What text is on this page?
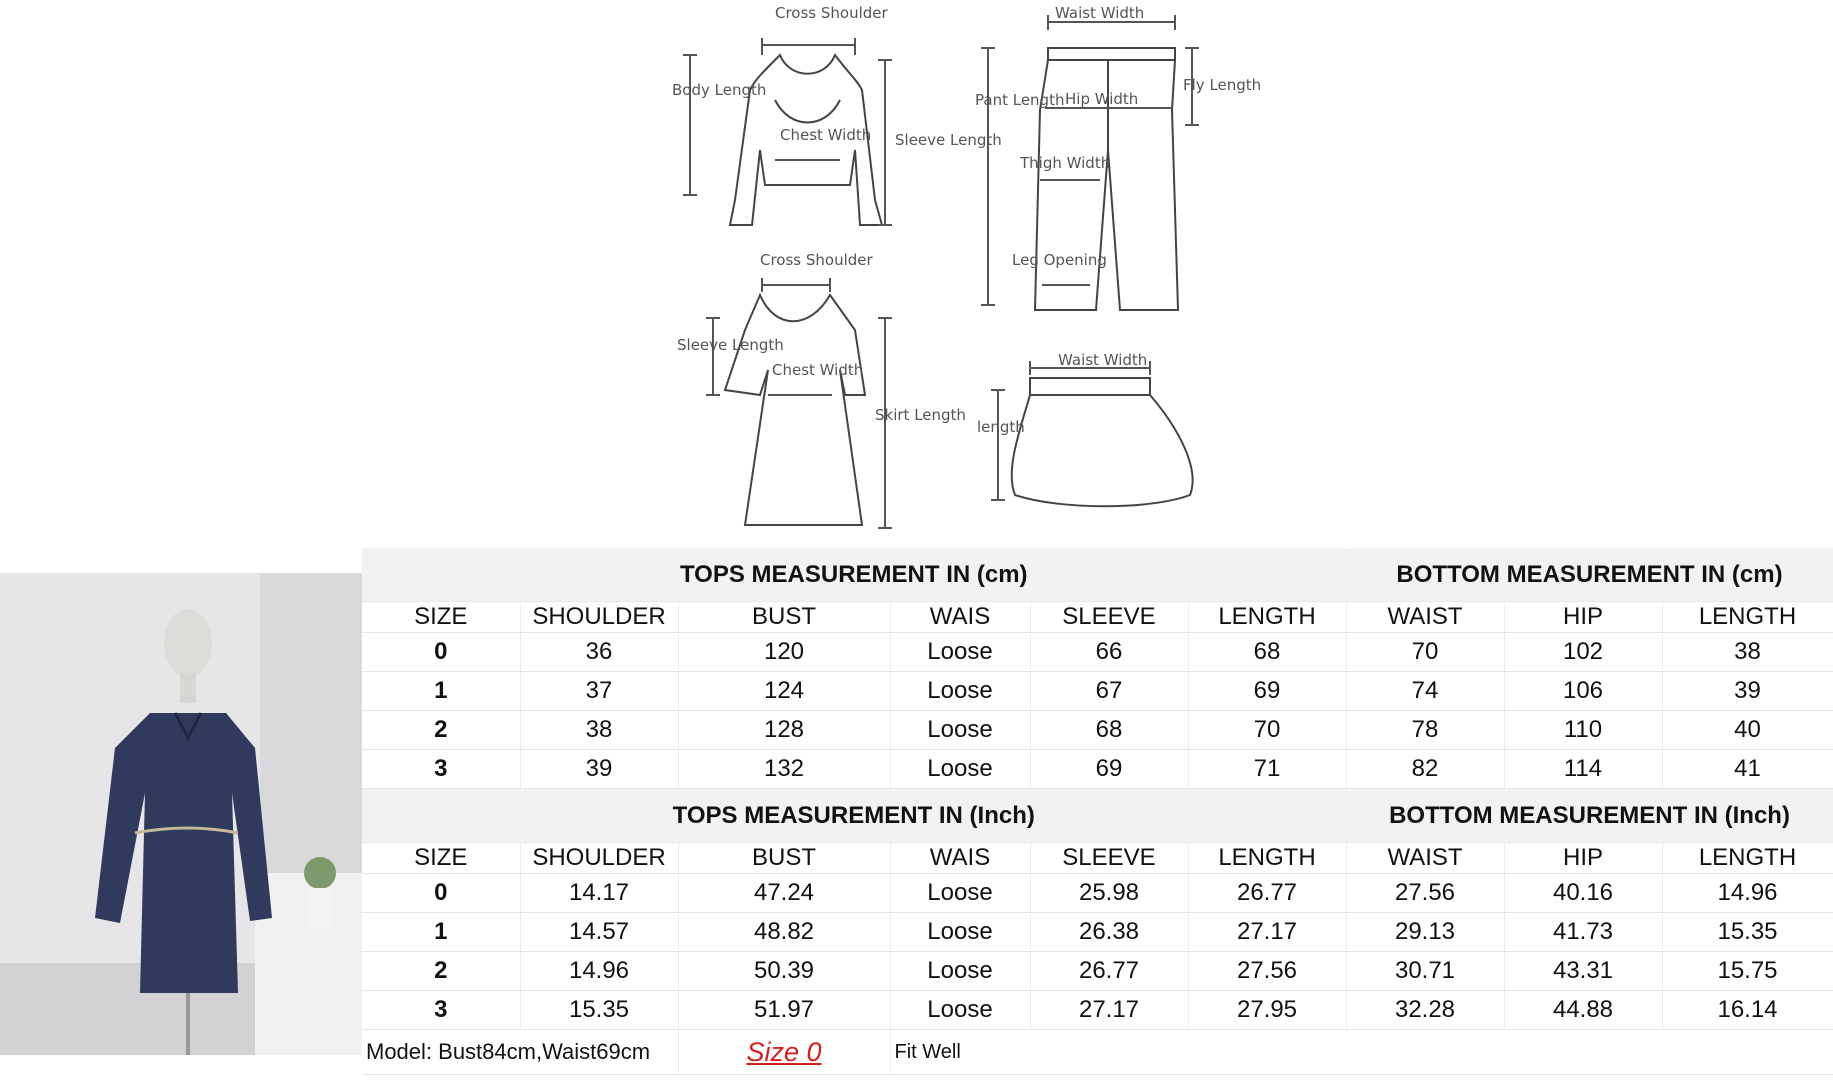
Cross Shoulder
Body Length
Chest Width Sleeve Length
Waist Width
Pant Length Hip Width
Fly Length
Thigh Width
Leg Opening
Cross Shoulder
Sleeve Length
Chest Width
Skirt Length
Waist Width
length
TOPS MEASUREMENT IN (cm)						BOTTOM MEASUREMENT IN (cm)		
SIZE	SHOULDER	BUST	WAIS	SLEEVE	LENGTH	WAIST	HIP	LENGTH
0	36	120	Loose	66	68	70	102	38
1	37	124	Loose	67	69	74	106	39
2	38	128	Loose	68	70	78	110	40
3	39	132	Loose	69	71	82	114	41
TOPS MEASUREMENT IN (Inch)						BOTTOM MEASUREMENT IN (Inch)		
SIZE	SHOULDER	BUST	WAIS	SLEEVE	LENGTH	WAIST	HIP	LENGTH
0	14.17	47.24	Loose	25.98	26.77	27.56	40.16	14.96
1	14.57	48.82	Loose	26.38	27.17	29.13	41.73	15.35
2	14.96	50.39	Loose	26.77	27.56	30.71	43.31	15.75
3	15.35	51.97	Loose	27.17	27.95	32.28	44.88	16.14
Model: Bust84cm,Waist69cm		Size 0	Fit Well					
